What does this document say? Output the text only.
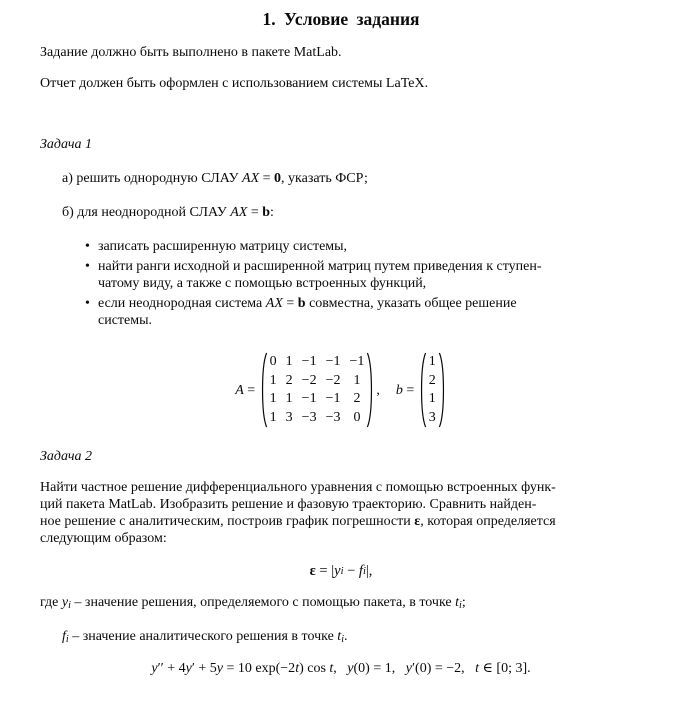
1. Условие задания

Задание должно быть выполнено в пакете MatLab.

Отчет должен быть оформлен с использованием системы LaTeX.

Задача 1

а) решить однородную СЛАУ AX = 0, указать ФСР;

б) для неоднородной СЛАУ AX = b:

• записать расширенную матрицу системы,
• найти ранги исходной и расширенной матриц путем приведения к ступен-
чатому виду, а также с помощью встроенных функций,
• если неоднородная система AX = b совместна, указать общее решение
системы.
A =
0 1 −1 −1 −1
1 2 −2 −2 1
1 1 −1 −1 2
1 3 −3 −3 0
, b =
1
2
1
3

Задача 2

Найти частное решение дифференциального уравнения с помощью встроенных функ-
ций пакета MatLab. Изобразить решение и фазовую траекторию. Сравнить найден-
ное решение с аналитическим, построив график погрешности ε, которая определяется
следующим образом:

ε = | y i − f i |,

где yi – значение решения, определяемого с помощью пакета, в точке ti;

fi – значение аналитического решения в точке ti.

y ′′ + 4 y ′ + 5 y = 10 exp(−2 t ) cos t , y (0) = 1, y ′(0) = −2, t ∈ [0; 3].
